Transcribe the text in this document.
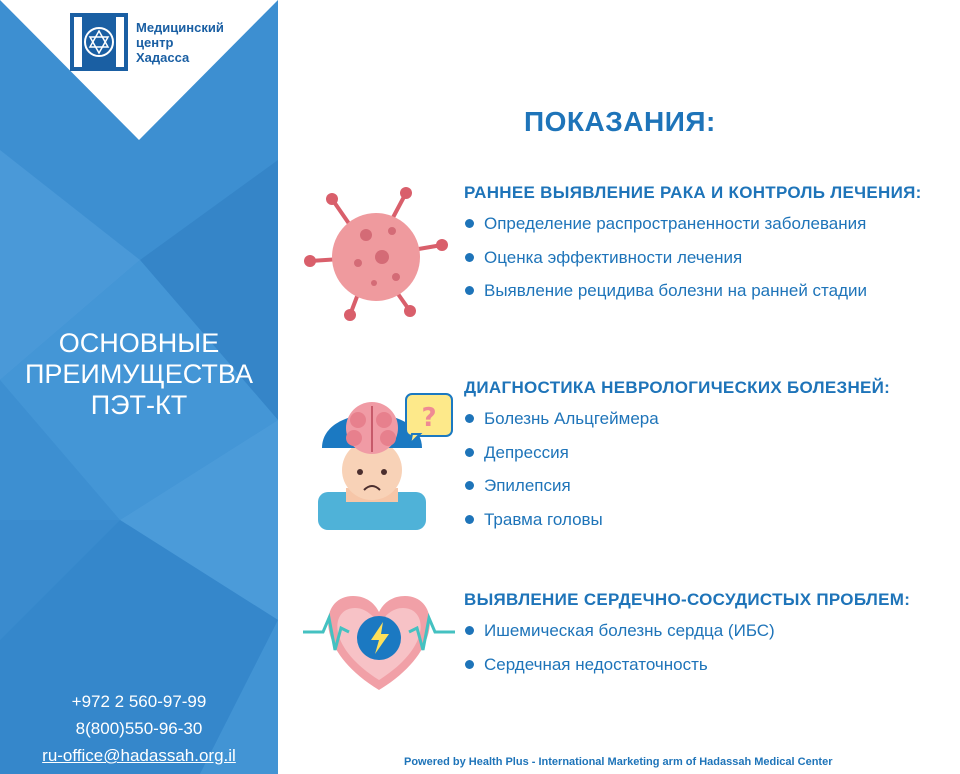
Медицинский
центр
Хадасса
ОСНОВНЫЕ
ПРЕИМУЩЕСТВА
ПЭТ-КТ
+972 2 560-97-99
8(800)550-96-30
ru-office@hadassah.org.il
ПОКАЗАНИЯ:
?
РАННЕЕ ВЫЯВЛЕНИЕ РАКА И КОНТРОЛЬ ЛЕЧЕНИЯ:
Определение распространенности заболевания
Оценка эффективности лечения
Выявление рецидива болезни на ранней стадии
ДИАГНОСТИКА НЕВРОЛОГИЧЕСКИХ БОЛЕЗНЕЙ:
Болезнь Альцгеймера
Депрессия
Эпилепсия
Травма головы
ВЫЯВЛЕНИЕ СЕРДЕЧНО-СОСУДИСТЫХ ПРОБЛЕМ:
Ишемическая болезнь сердца (ИБС)
Сердечная недостаточность
Powered by Health Plus - International Marketing arm of Hadassah Medical Center
